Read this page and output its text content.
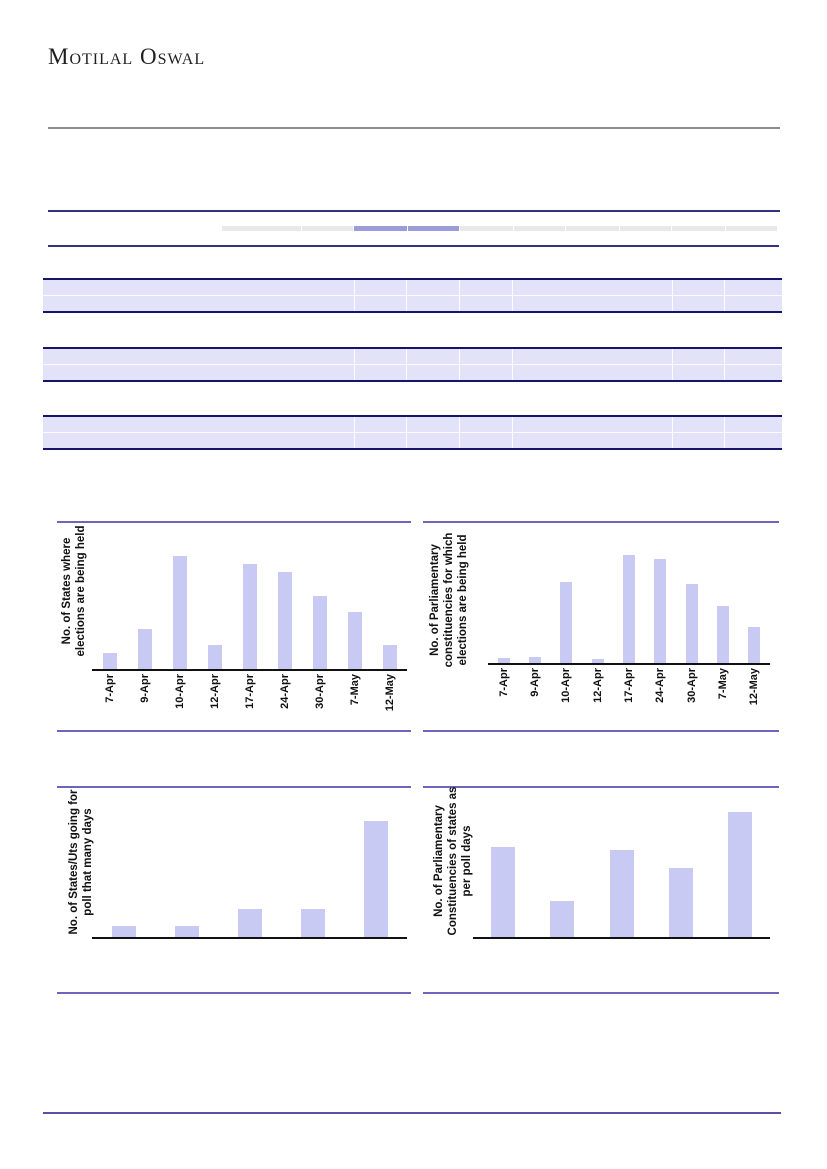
Motilal Oswal
No. of States where elections are being held
7-Apr 9-Apr 10-Apr 12-Apr 17-Apr 24-Apr 30-Apr 7-May 12-May
No. of Parliamentary constituencies for which elections are being held
7-Apr 9-Apr 10-Apr 12-Apr 17-Apr 24-Apr 30-Apr 7-May 12-May
No. of States/Uts going for poll that many days	No. of Parliamentary Constituencies of states as per poll days
